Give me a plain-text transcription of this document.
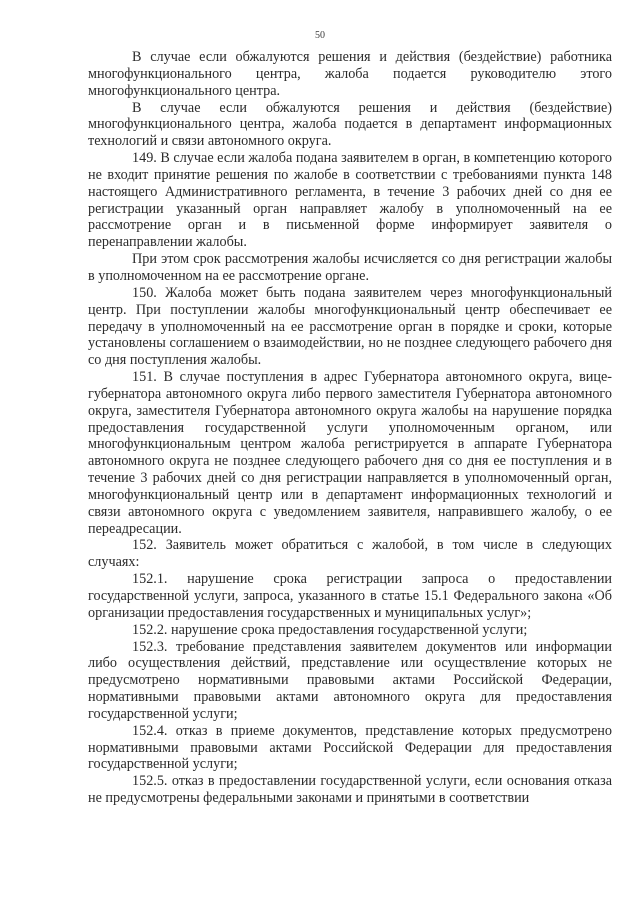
50

В случае если обжалуются решения и действия (бездействие) работника многофункционального центра, жалоба подается руководителю этого многофункционального центра.

В случае если обжалуются решения и действия (бездействие) многофункционального центра, жалоба подается в департамент информационных технологий и связи автономного округа.

149. В случае если жалоба подана заявителем в орган, в компетенцию которого не входит принятие решения по жалобе в соответствии с требованиями пункта 148 настоящего Административного регламента, в течение 3 рабочих дней со дня ее регистрации указанный орган направляет жалобу в уполномоченный на ее рассмотрение орган и в письменной форме информирует заявителя о перенаправлении жалобы.

При этом срок рассмотрения жалобы исчисляется со дня регистрации жалобы в уполномоченном на ее рассмотрение органе.

150. Жалоба может быть подана заявителем через многофункциональный центр. При поступлении жалобы многофункциональный центр обеспечивает ее передачу в уполномоченный на ее рассмотрение орган в порядке и сроки, которые установлены соглашением о взаимодействии, но не позднее следующего рабочего дня со дня поступления жалобы.

151. В случае поступления в адрес Губернатора автономного округа, вице-губернатора автономного округа либо первого заместителя Губернатора автономного округа, заместителя Губернатора автономного округа жалобы на нарушение порядка предоставления государственной услуги уполномоченным органом, или многофункциональным центром жалоба регистрируется в аппарате Губернатора автономного округа не позднее следующего рабочего дня со дня ее поступления и в течение 3 рабочих дней со дня регистрации направляется в уполномоченный орган, многофункциональный центр или в департамент информационных технологий и связи автономного округа с уведомлением заявителя, направившего жалобу, о ее переадресации.

152. Заявитель может обратиться с жалобой, в том числе в следующих случаях:

152.1. нарушение срока регистрации запроса о предоставлении государственной услуги, запроса, указанного в статье 15.1 Федерального закона «Об организации предоставления государственных и муниципальных услуг»;

152.2. нарушение срока предоставления государственной услуги;

152.3. требование представления заявителем документов или информации либо осуществления действий, представление или осуществление которых не предусмотрено нормативными правовыми актами Российской Федерации, нормативными правовыми актами автономного округа для предоставления государственной услуги;

152.4. отказ в приеме документов, представление которых предусмотрено нормативными правовыми актами Российской Федерации для предоставления государственной услуги;

152.5. отказ в предоставлении государственной услуги, если основания отказа не предусмотрены федеральными законами и принятыми в соответствии
